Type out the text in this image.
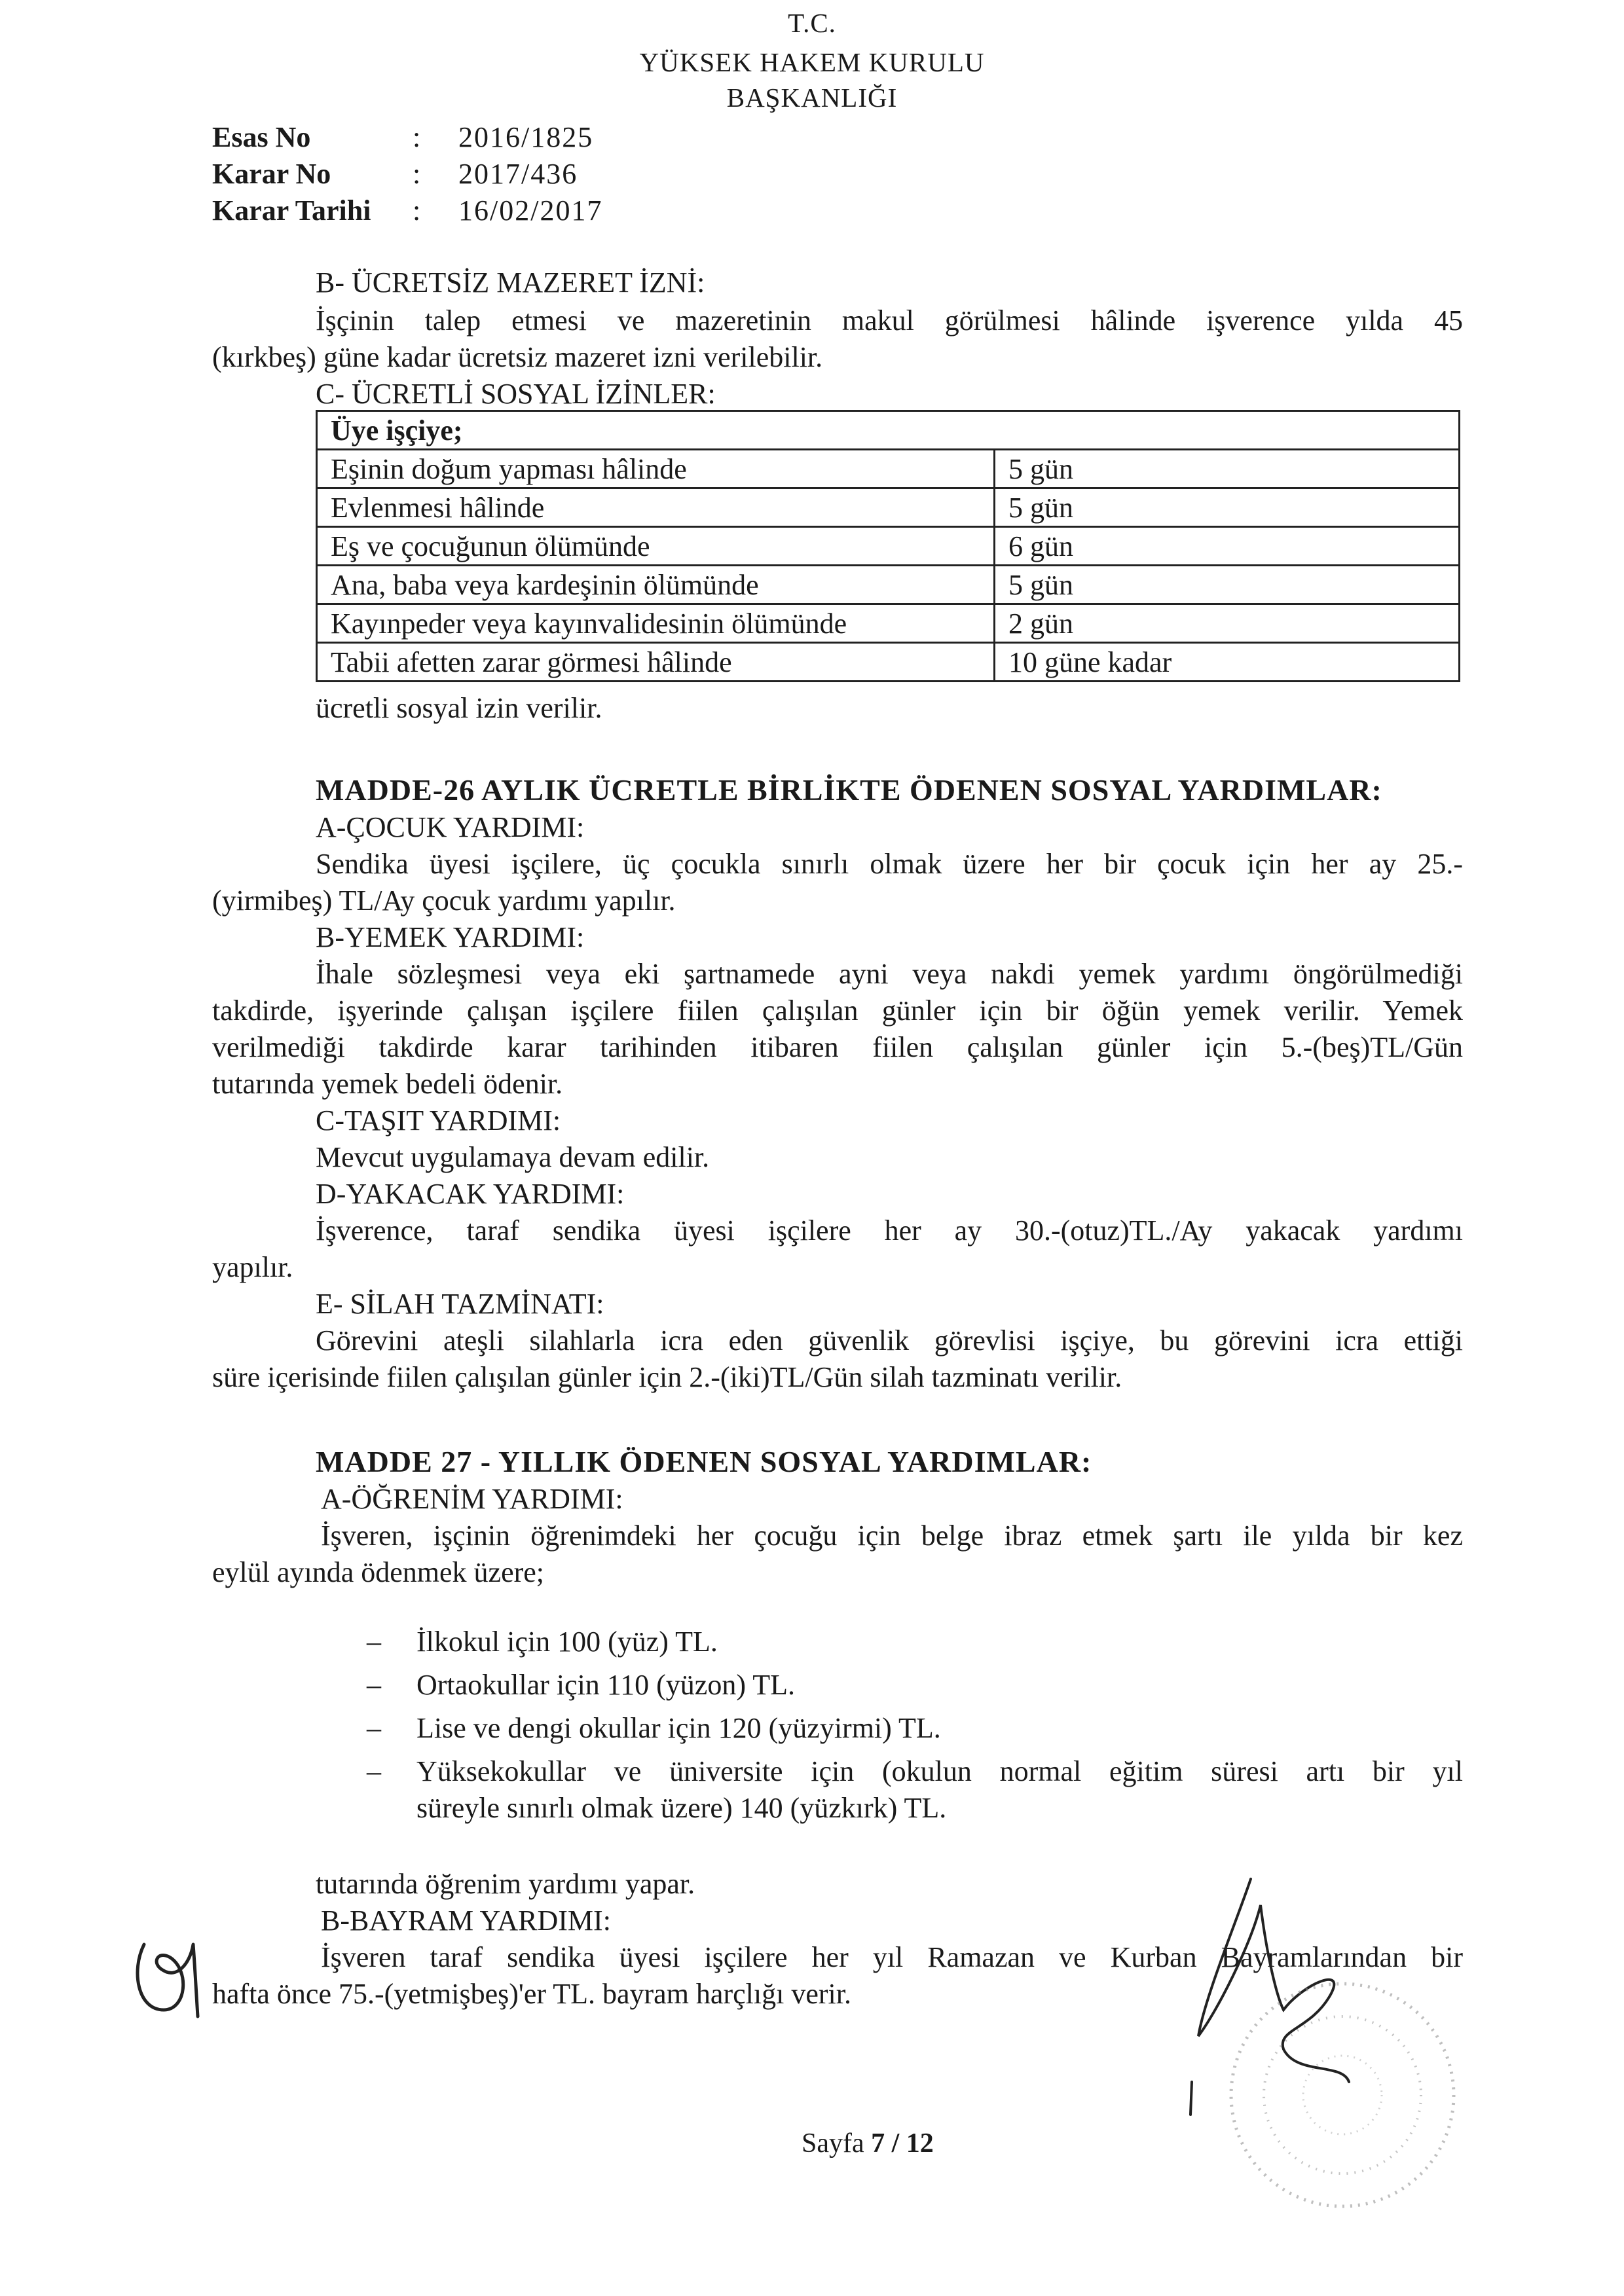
T.C.
YÜKSEK HAKEM KURULU
BAŞKANLIĞI
Esas No	: 2016/1825
Karar No	: 2017/436
Karar Tarihi : 16/02/2017
B- ÜCRETSİZ MAZERET İZNİ:
İşçinin talep etmesi ve mazeretinin makul görülmesi hâlinde işverence yılda 45
(kırkbeş) güne kadar ücretsiz mazeret izni verilebilir.
C- ÜCRETLİ SOSYAL İZİNLER:
Üye işçiye;	
Eşinin doğum yapması hâlinde	5 gün
Evlenmesi hâlinde	5 gün
Eş ve çocuğunun ölümünde	6 gün
Ana, baba veya kardeşinin ölümünde	5 gün
Kayınpeder veya kayınvalidesinin ölümünde	2 gün
Tabii afetten zarar görmesi hâlinde	10 güne kadar
ücretli sosyal izin verilir.
MADDE-26 AYLIK ÜCRETLE BİRLİKTE ÖDENEN SOSYAL YARDIMLAR:
A-ÇOCUK YARDIMI:
Sendika üyesi işçilere, üç çocukla sınırlı olmak üzere her bir çocuk için her ay 25.-
(yirmibeş) TL/Ay çocuk yardımı yapılır.
B-YEMEK YARDIMI:
İhale sözleşmesi veya eki şartnamede ayni veya nakdi yemek yardımı öngörülmediği
takdirde, işyerinde çalışan işçilere fiilen çalışılan günler için bir öğün yemek verilir. Yemek
verilmediği takdirde karar tarihinden itibaren fiilen çalışılan günler için 5.-(beş)TL/Gün
tutarında yemek bedeli ödenir.
C-TAŞIT YARDIMI:
Mevcut uygulamaya devam edilir.
D-YAKACAK YARDIMI:
İşverence, taraf sendika üyesi işçilere her ay 30.-(otuz)TL./Ay yakacak yardımı
yapılır.
E- SİLAH TAZMİNATI:
Görevini ateşli silahlarla icra eden güvenlik görevlisi işçiye, bu görevini icra ettiği
süre içerisinde fiilen çalışılan günler için 2.-(iki)TL/Gün silah tazminatı verilir.
MADDE 27 - YILLIK ÖDENEN SOSYAL YARDIMLAR:
A-ÖĞRENİM YARDIMI:
İşveren, işçinin öğrenimdeki her çocuğu için belge ibraz etmek şartı ile yılda bir kez
eylül ayında ödenmek üzere;
– İlkokul için 100 (yüz) TL.
– Ortaokullar için 110 (yüzon) TL.
– Lise ve dengi okullar için 120 (yüzyirmi) TL.
– Yüksekokullar ve üniversite için (okulun normal eğitim süresi artı bir yıl
süreyle sınırlı olmak üzere) 140 (yüzkırk) TL.
tutarında öğrenim yardımı yapar.
B-BAYRAM YARDIMI:
İşveren taraf sendika üyesi işçilere her yıl Ramazan ve Kurban Bayramlarından bir
hafta önce 75.-(yetmişbeş)'er TL. bayram harçlığı verir.
Sayfa 7 / 12
